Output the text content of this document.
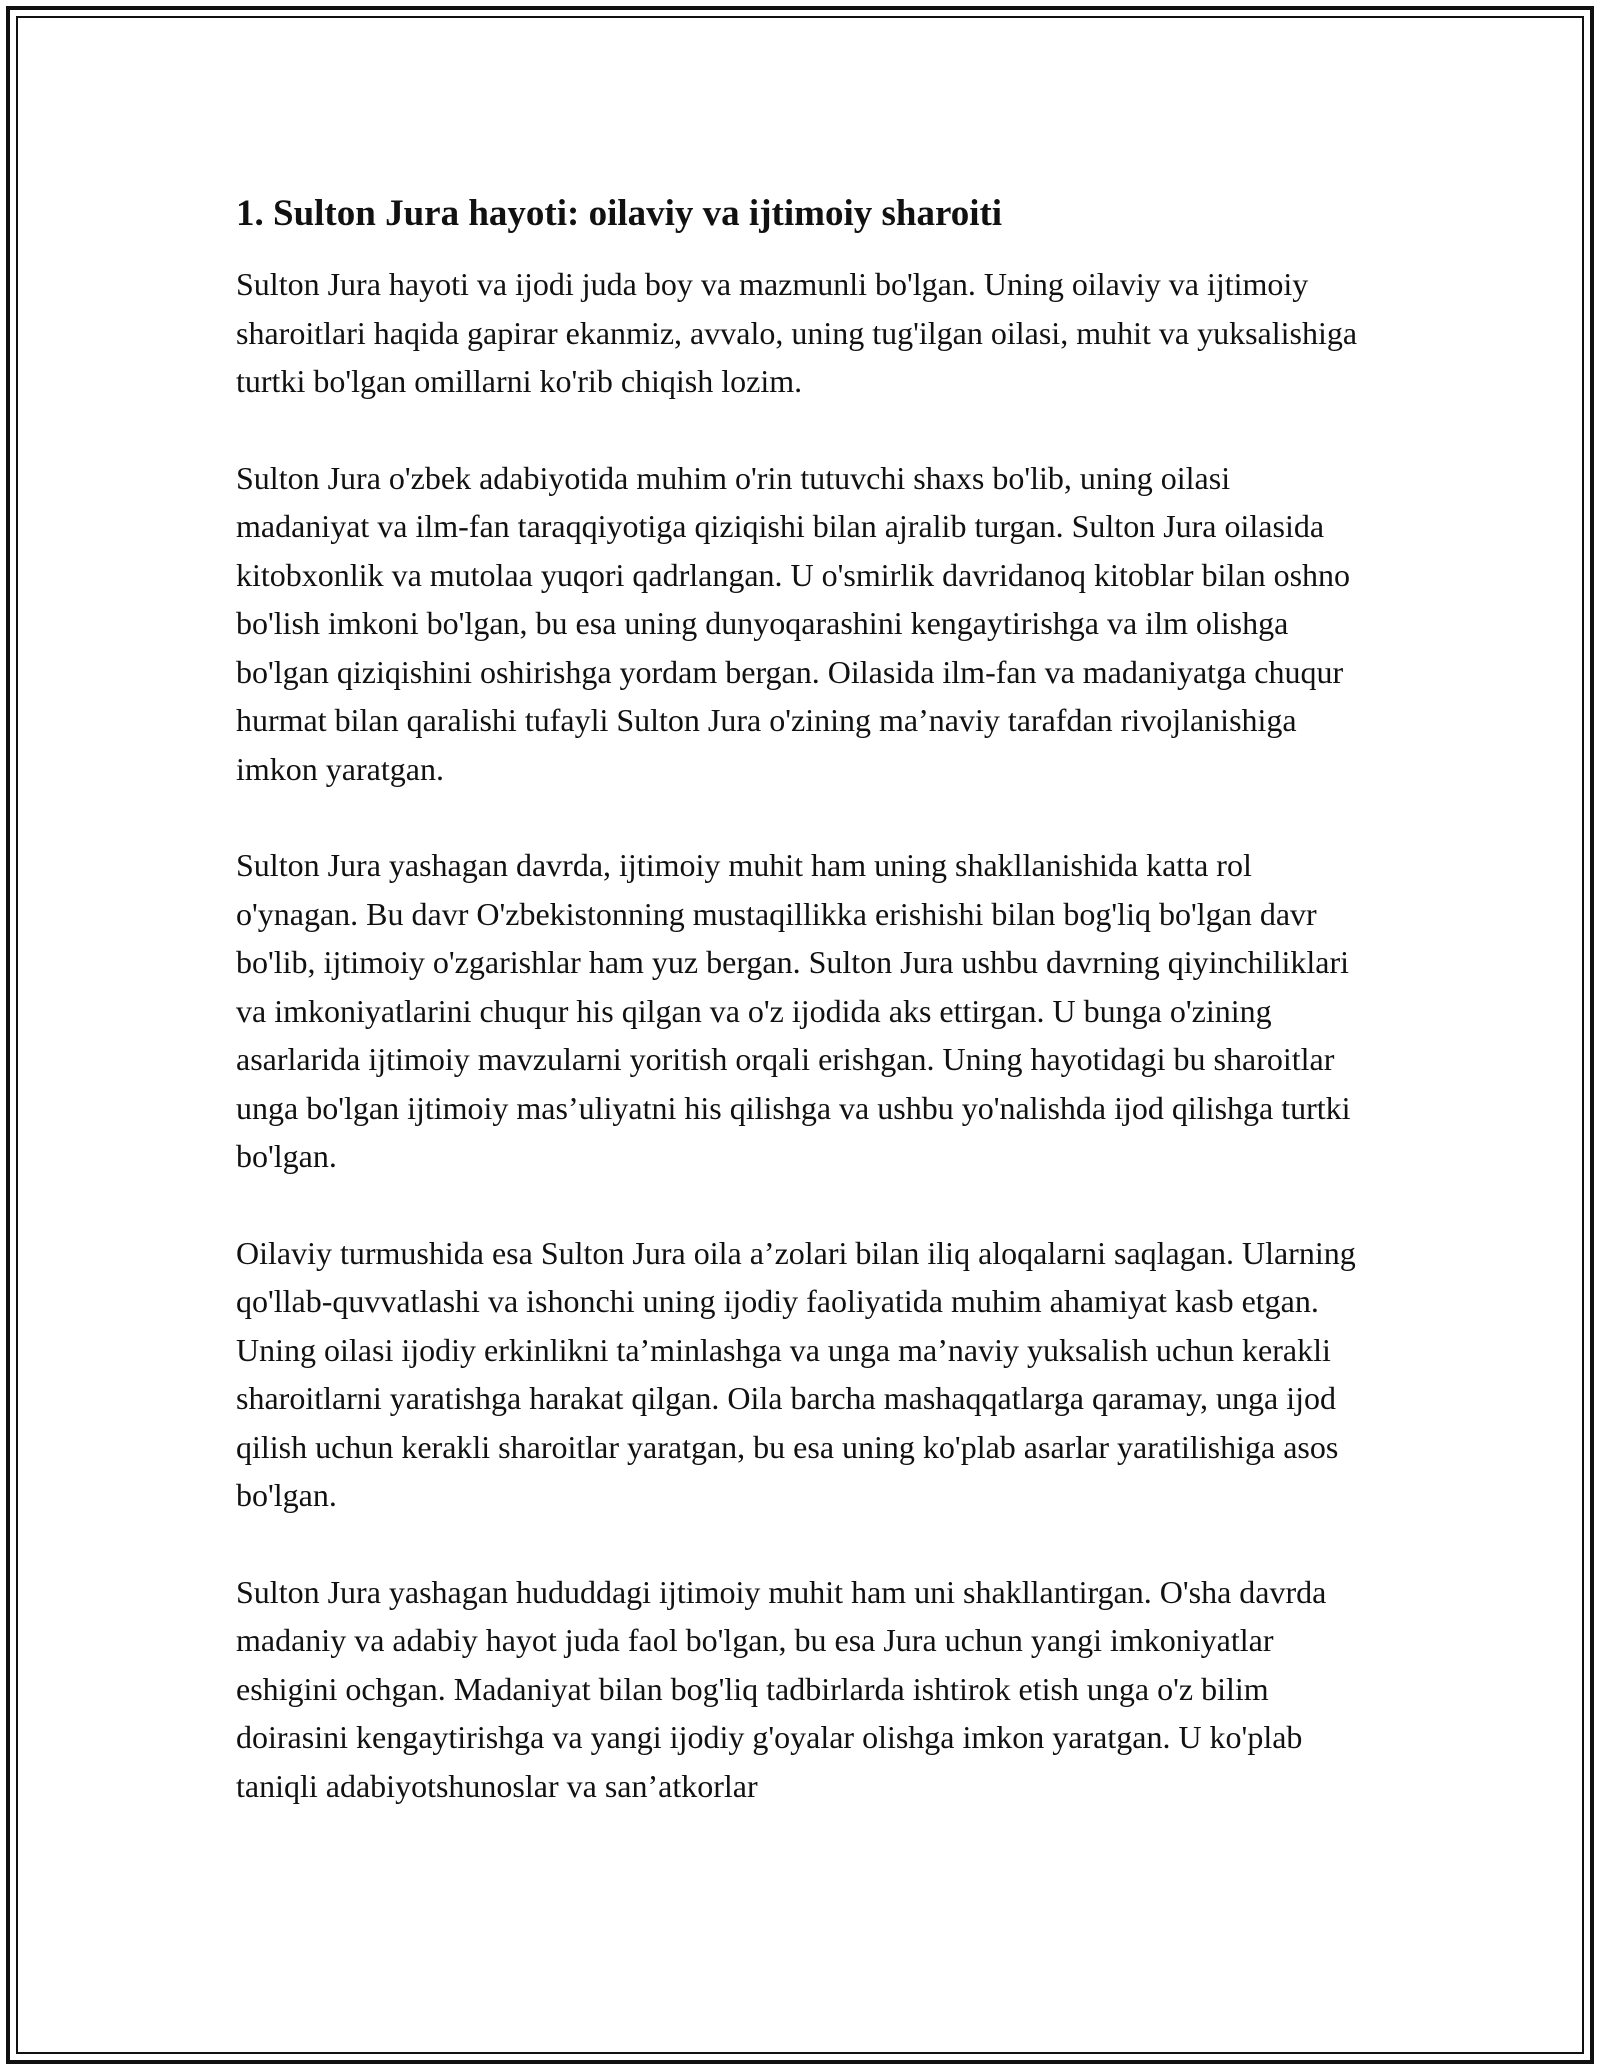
1. Sulton Jura hayoti: oilaviy va ijtimoiy sharoiti

Sulton Jura hayoti va ijodi juda boy va mazmunli bo'lgan. Uning oilaviy va ijtimoiy sharoitlari haqida gapirar ekanmiz, avvalo, uning tug'ilgan oilasi, muhit va yuksalishiga turtki bo'lgan omillarni ko'rib chiqish lozim.

Sulton Jura o'zbek adabiyotida muhim o'rin tutuvchi shaxs bo'lib, uning oilasi madaniyat va ilm-fan taraqqiyotiga qiziqishi bilan ajralib turgan. Sulton Jura oilasida kitobxonlik va mutolaa yuqori qadrlangan. U o'smirlik davridanoq kitoblar bilan oshno bo'lish imkoni bo'lgan, bu esa uning dunyoqarashini kengaytirishga va ilm olishga bo'lgan qiziqishini oshirishga yordam bergan. Oilasida ilm-fan va madaniyatga chuqur hurmat bilan qaralishi tufayli Sulton Jura o'zining ma’naviy tarafdan rivojlanishiga imkon yaratgan.

Sulton Jura yashagan davrda, ijtimoiy muhit ham uning shakllanishida katta rol o'ynagan. Bu davr O'zbekistonning mustaqillikka erishishi bilan bog'liq bo'lgan davr bo'lib, ijtimoiy o'zgarishlar ham yuz bergan. Sulton Jura ushbu davrning qiyinchiliklari va imkoniyatlarini chuqur his qilgan va o'z ijodida aks ettirgan. U bunga o'zining asarlarida ijtimoiy mavzularni yoritish orqali erishgan. Uning hayotidagi bu sharoitlar unga bo'lgan ijtimoiy mas’uliyatni his qilishga va ushbu yo'nalishda ijod qilishga turtki bo'lgan.

Oilaviy turmushida esa Sulton Jura oila a’zolari bilan iliq aloqalarni saqlagan. Ularning qo'llab-quvvatlashi va ishonchi uning ijodiy faoliyatida muhim ahamiyat kasb etgan. Uning oilasi ijodiy erkinlikni ta’minlashga va unga ma’naviy yuksalish uchun kerakli sharoitlarni yaratishga harakat qilgan. Oila barcha mashaqqatlarga qaramay, unga ijod qilish uchun kerakli sharoitlar yaratgan, bu esa uning ko'plab asarlar yaratilishiga asos bo'lgan.

Sulton Jura yashagan hududdagi ijtimoiy muhit ham uni shakllantirgan. O'sha davrda madaniy va adabiy hayot juda faol bo'lgan, bu esa Jura uchun yangi imkoniyatlar eshigini ochgan. Madaniyat bilan bog'liq tadbirlarda ishtirok etish unga o'z bilim doirasini kengaytirishga va yangi ijodiy g'oyalar olishga imkon yaratgan. U ko'plab taniqli adabiyotshunoslar va san’atkorlar
